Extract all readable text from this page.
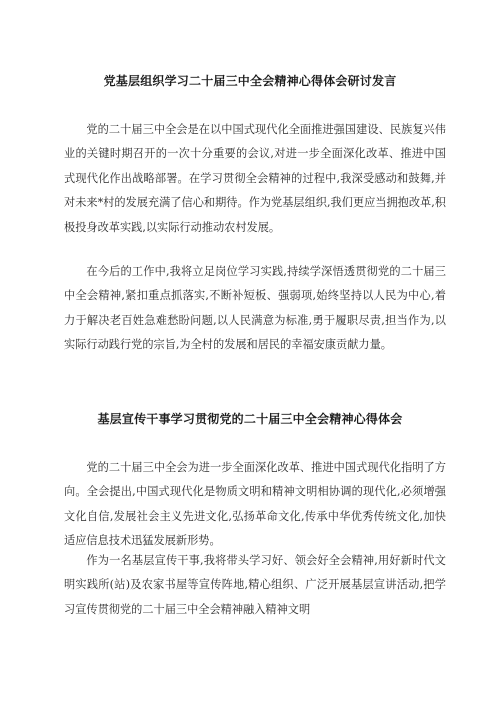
党基层组织学习二十届三中全会精神心得体会研讨发言

党的二十届三中全会是在以中国式现代化全面推进强国建设、民族复兴伟业的关键时期召开的一次十分重要的会议,对进一步全面深化改革、推进中国式现代化作出战略部署。在学习贯彻全会精神的过程中,我深受感动和鼓舞,并对未来*村的发展充满了信心和期待。作为党基层组织,我们更应当拥抱改革,积极投身改革实践,以实际行动推动农村发展。

在今后的工作中,我将立足岗位学习实践,持续学深悟透贯彻党的二十届三中全会精神,紧扣重点抓落实,不断补短板、强弱项,始终坚持以人民为中心,着力于解决老百姓急难愁盼问题,以人民满意为标准,勇于履职尽责,担当作为,以实际行动践行党的宗旨,为全村的发展和居民的幸福安康贡献力量。

基层宣传干事学习贯彻党的二十届三中全会精神心得体会

党的二十届三中全会为进一步全面深化改革、推进中国式现代化指明了方向。全会提出,中国式现代化是物质文明和精神文明相协调的现代化,必须增强文化自信,发展社会主义先进文化,弘扬革命文化,传承中华优秀传统文化,加快适应信息技术迅猛发展新形势。

作为一名基层宣传干事,我将带头学习好、领会好全会精神,用好新时代文明实践所(站)及农家书屋等宣传阵地,精心组织、广泛开展基层宣讲活动,把学习宣传贯彻党的二十届三中全会精神融入精神文明
